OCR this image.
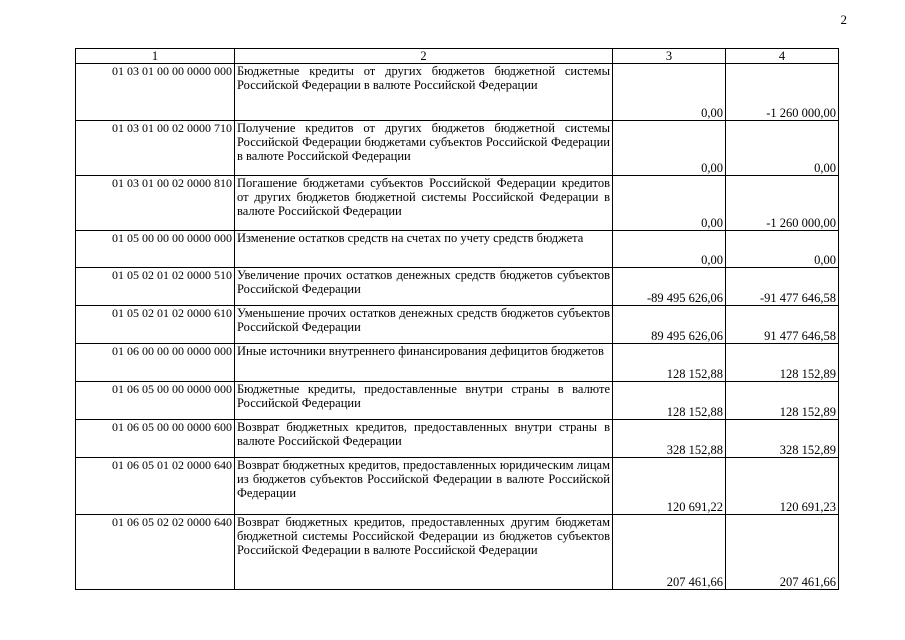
2
1	2	3	4
01 03 01 00 00 0000 000	Бюджетные кредиты от других бюджетов бюджетной системы Российской Федерации в валюте Российской Федерации	0,00	-1 260 000,00
01 03 01 00 02 0000 710	Получение кредитов от других бюджетов бюджетной системы Российской Федерации бюджетами субъектов Российской Федерации в валюте Российской Федерации	0,00	0,00
01 03 01 00 02 0000 810	Погашение бюджетами субъектов Российской Федерации кредитов от других бюджетов бюджетной системы Российской Федерации в валюте Российской Федерации	0,00	-1 260 000,00
01 05 00 00 00 0000 000	Изменение остатков средств на счетах по учету средств бюджета	0,00	0,00
01 05 02 01 02 0000 510	Увеличение прочих остатков денежных средств бюджетов субъектов Российской Федерации	-89 495 626,06	-91 477 646,58
01 05 02 01 02 0000 610	Уменьшение прочих остатков денежных средств бюджетов субъектов Российской Федерации	89 495 626,06	91 477 646,58
01 06 00 00 00 0000 000	Иные источники внутреннего финансирования дефицитов бюджетов	128 152,88	128 152,89
01 06 05 00 00 0000 000	Бюджетные кредиты, предоставленные внутри страны в валюте Российской Федерации	128 152,88	128 152,89
01 06 05 00 00 0000 600	Возврат бюджетных кредитов, предоставленных внутри страны в валюте Российской Федерации	328 152,88	328 152,89
01 06 05 01 02 0000 640	Возврат бюджетных кредитов, предоставленных юридическим лицам из бюджетов субъектов Российской Федерации в валюте Российской Федерации	120 691,22	120 691,23
01 06 05 02 02 0000 640	Возврат бюджетных кредитов, предоставленных другим бюджетам бюджетной системы Российской Федерации из бюджетов субъектов Российской Федерации в валюте Российской Федерации	207 461,66	207 461,66
